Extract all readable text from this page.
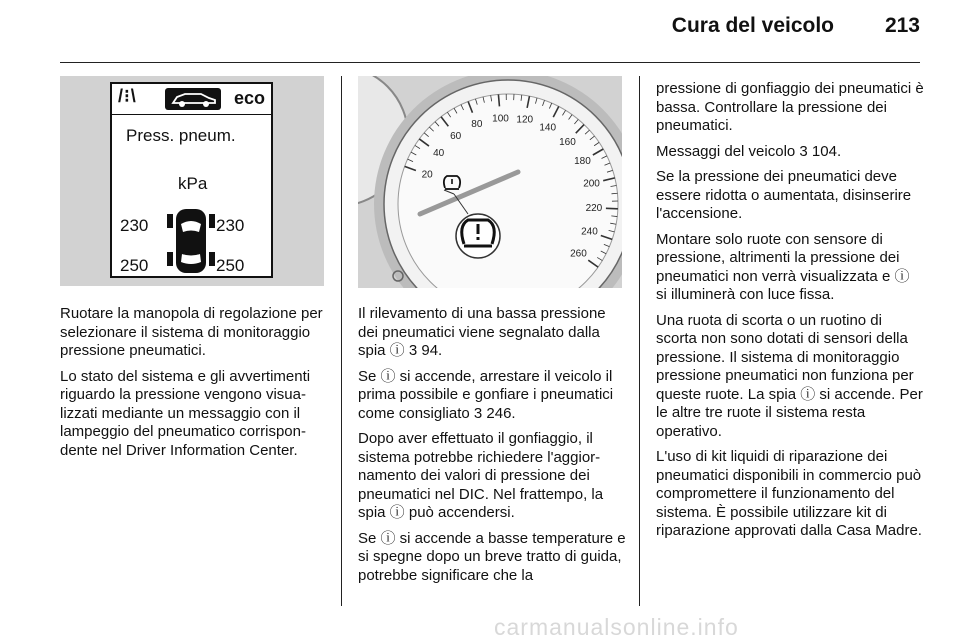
Cura del veicolo 213
/⁝\	eco
Press. pneum.
kPa
230	230
250	250
20
40
60
80
100 120
140
160
180
200
220
240
260

Ruotare la manopola di regolazione per selezionare il sistema di monitoraggio pressione pneumatici.

Lo stato del sistema e gli avvertimenti riguardo la pressione vengono visualizzati mediante un messaggio con il lampeggio del pneumatico corrispondente nel Driver Information Center.

Il rilevamento di una bassa pressione dei pneumatici viene segnalato dalla spia ⓘ 3 94.

Se ⓘ si accende, arrestare il veicolo il prima possibile e gonfiare i pneumatici come consigliato 3 246.

Dopo aver effettuato il gonfiaggio, il sistema potrebbe richiedere l'aggiornamento dei valori di pressione dei pneumatici nel DIC. Nel frattempo, la spia ⓘ può accendersi.

Se ⓘ si accende a basse temperature e si spegne dopo un breve tratto di guida, potrebbe significare che la

pressione di gonfiaggio dei pneumatici è bassa. Controllare la pressione dei pneumatici.

Messaggi del veicolo 3 104.

Se la pressione dei pneumatici deve essere ridotta o aumentata, disinserire l'accensione.

Montare solo ruote con sensore di pressione, altrimenti la pressione dei pneumatici non verrà visualizzata e ⓘ si illuminerà con luce fissa.

Una ruota di scorta o un ruotino di scorta non sono dotati di sensori della pressione. Il sistema di monitoraggio pressione pneumatici non funziona per queste ruote. La spia ⓘ si accende. Per le altre tre ruote il sistema resta operativo.

L'uso di kit liquidi di riparazione dei pneumatici disponibili in commercio può compromettere il funzionamento del sistema. È possibile utilizzare kit di riparazione approvati dalla Casa Madre.

carmanualsonline.info
